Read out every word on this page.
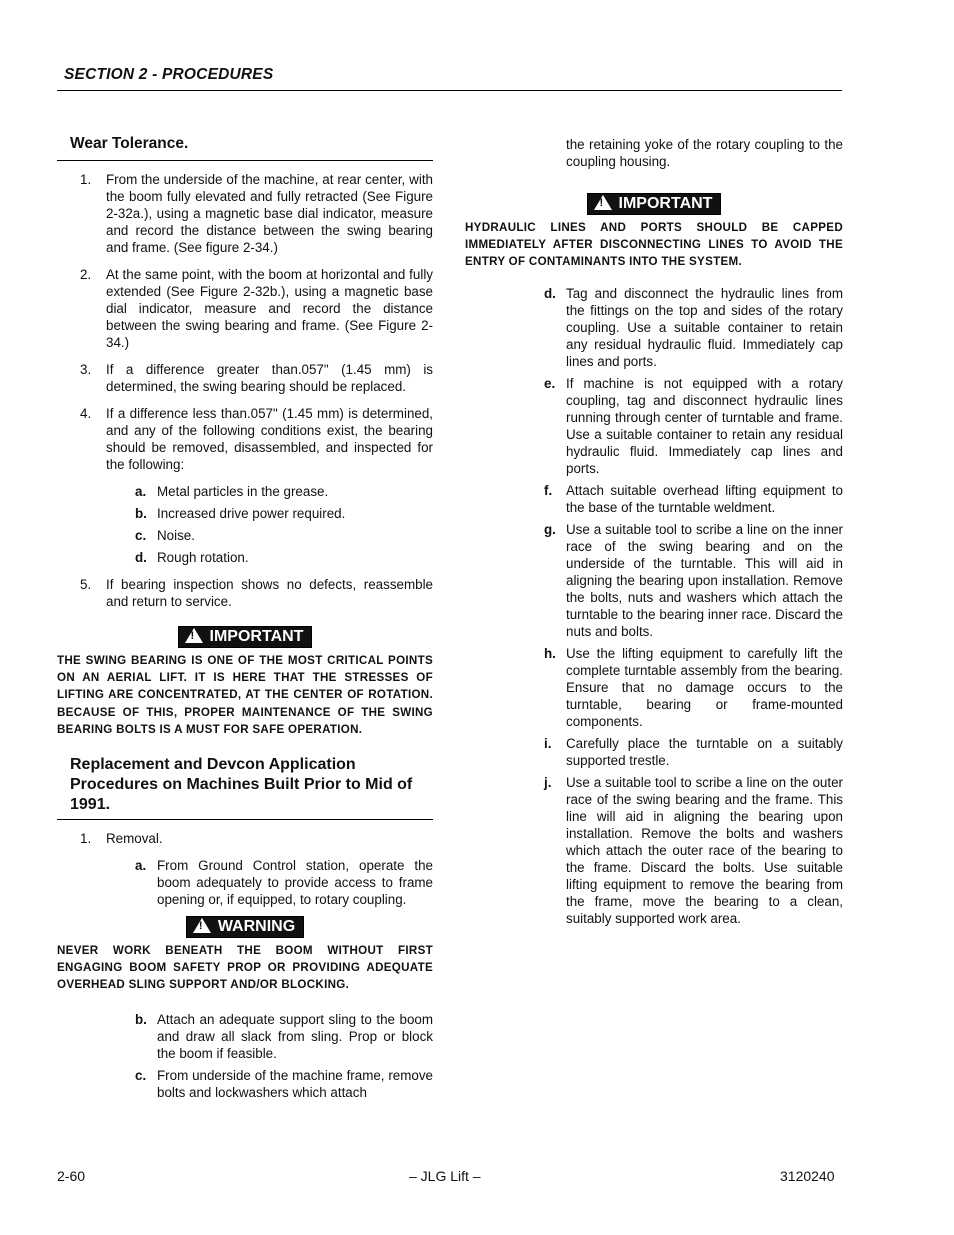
SECTION 2 - PROCEDURES
Wear Tolerance.
1. From the underside of the machine, at rear center, with the boom fully elevated and fully retracted (See Figure 2-32a.), using a magnetic base dial indicator, measure and record the distance between the swing bearing and frame. (See figure 2-34.)
2. At the same point, with the boom at horizontal and fully extended (See Figure 2-32b.), using a magnetic base dial indicator, measure and record the distance between the swing bearing and frame. (See Figure 2-34.)
3. If a difference greater than.057" (1.45 mm) is determined, the swing bearing should be replaced.
4. If a difference less than.057" (1.45 mm) is determined, and any of the following conditions exist, the bearing should be removed, disassembled, and inspected for the following:
a. Metal particles in the grease.
b. Increased drive power required.
c. Noise.
d. Rough rotation.
5. If bearing inspection shows no defects, reassemble and return to service.
!IMPORTANT
THE SWING BEARING IS ONE OF THE MOST CRITICAL POINTS ON AN AERIAL LIFT. IT IS HERE THAT THE STRESSES OF LIFTING ARE CONCENTRATED, AT THE CENTER OF ROTATION. BECAUSE OF THIS, PROPER MAINTENANCE OF THE SWING BEARING BOLTS IS A MUST FOR SAFE OPERATION.
Replacement and Devcon Application Procedures on Machines Built Prior to Mid of 1991.
1. Removal.
a. From Ground Control station, operate the boom adequately to provide access to frame opening or, if equipped, to rotary coupling.
!WARNING
NEVER WORK BENEATH THE BOOM WITHOUT FIRST ENGAGING BOOM SAFETY PROP OR PROVIDING ADEQUATE OVERHEAD SLING SUPPORT AND/OR BLOCKING.
b. Attach an adequate support sling to the boom and draw all slack from sling. Prop or block the boom if feasible.
c. From underside of the machine frame, remove bolts and lockwashers which attach
the retaining yoke of the rotary coupling to the coupling housing.
!IMPORTANT
HYDRAULIC LINES AND PORTS SHOULD BE CAPPED IMMEDIATELY AFTER DISCONNECTING LINES TO AVOID THE ENTRY OF CONTAMINANTS INTO THE SYSTEM.
d. Tag and disconnect the hydraulic lines from the fittings on the top and sides of the rotary coupling. Use a suitable container to retain any residual hydraulic fluid. Immediately cap lines and ports.
e. If machine is not equipped with a rotary coupling, tag and disconnect hydraulic lines running through center of turntable and frame. Use a suitable container to retain any residual hydraulic fluid. Immediately cap lines and ports.
f. Attach suitable overhead lifting equipment to the base of the turntable weldment.
g. Use a suitable tool to scribe a line on the inner race of the swing bearing and on the underside of the turntable. This will aid in aligning the bearing upon installation. Remove the bolts, nuts and washers which attach the turntable to the bearing inner race. Discard the nuts and bolts.
h. Use the lifting equipment to carefully lift the complete turntable assembly from the bearing. Ensure that no damage occurs to the turntable, bearing or frame-mounted components.
i. Carefully place the turntable on a suitably supported trestle.
j. Use a suitable tool to scribe a line on the outer race of the swing bearing and the frame. This line will aid in aligning the bearing upon installation. Remove the bolts and washers which attach the outer race of the bearing to the frame. Discard the bolts. Use suitable lifting equipment to remove the bearing from the frame, move the bearing to a clean, suitably supported work area.
2-60	– JLG Lift –	3120240
